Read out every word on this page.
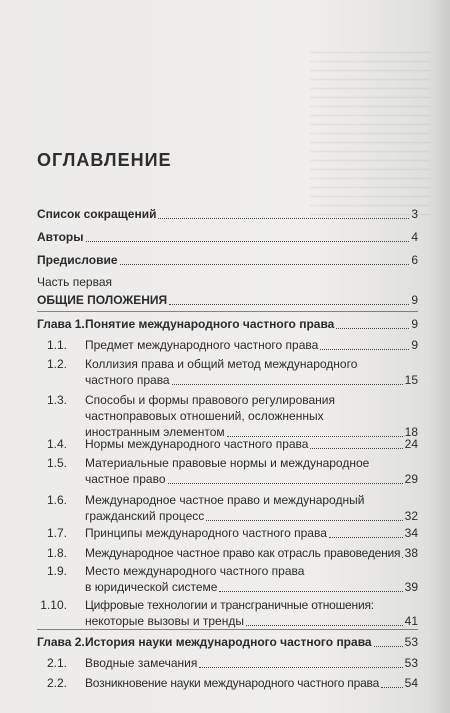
ОГЛАВЛЕНИЕ
Список сокращений	3
Авторы	4
Предисловие	6
Часть первая
ОБЩИЕ ПОЛОЖЕНИЯ	9
Глава 1. Понятие международного частного права	9
1.1. Предмет международного частного права	9
1.2. Коллизия права и общий метод международного
частного права	15
1.3. Способы и формы правового регулирования
частноправовых отношений, осложненных
иностранным элементом	18
1.4. Нормы международного частного права	24
1.5. Материальные правовые нормы и международное
частное право	29
1.6. Международное частное право и международный
гражданский процесс	32
1.7. Принципы международного частного права	34
1.8. Международное частное право как отрасль правоведения 38
1.9. Место международного частного права
в юридической системе	39
1.10. Цифровые технологии и трансграничные отношения:
некоторые вызовы и тренды	41
Глава 2. История науки международного частного права	53
2.1. Вводные замечания	53
2.2. Возникновение науки международного частного права 54
